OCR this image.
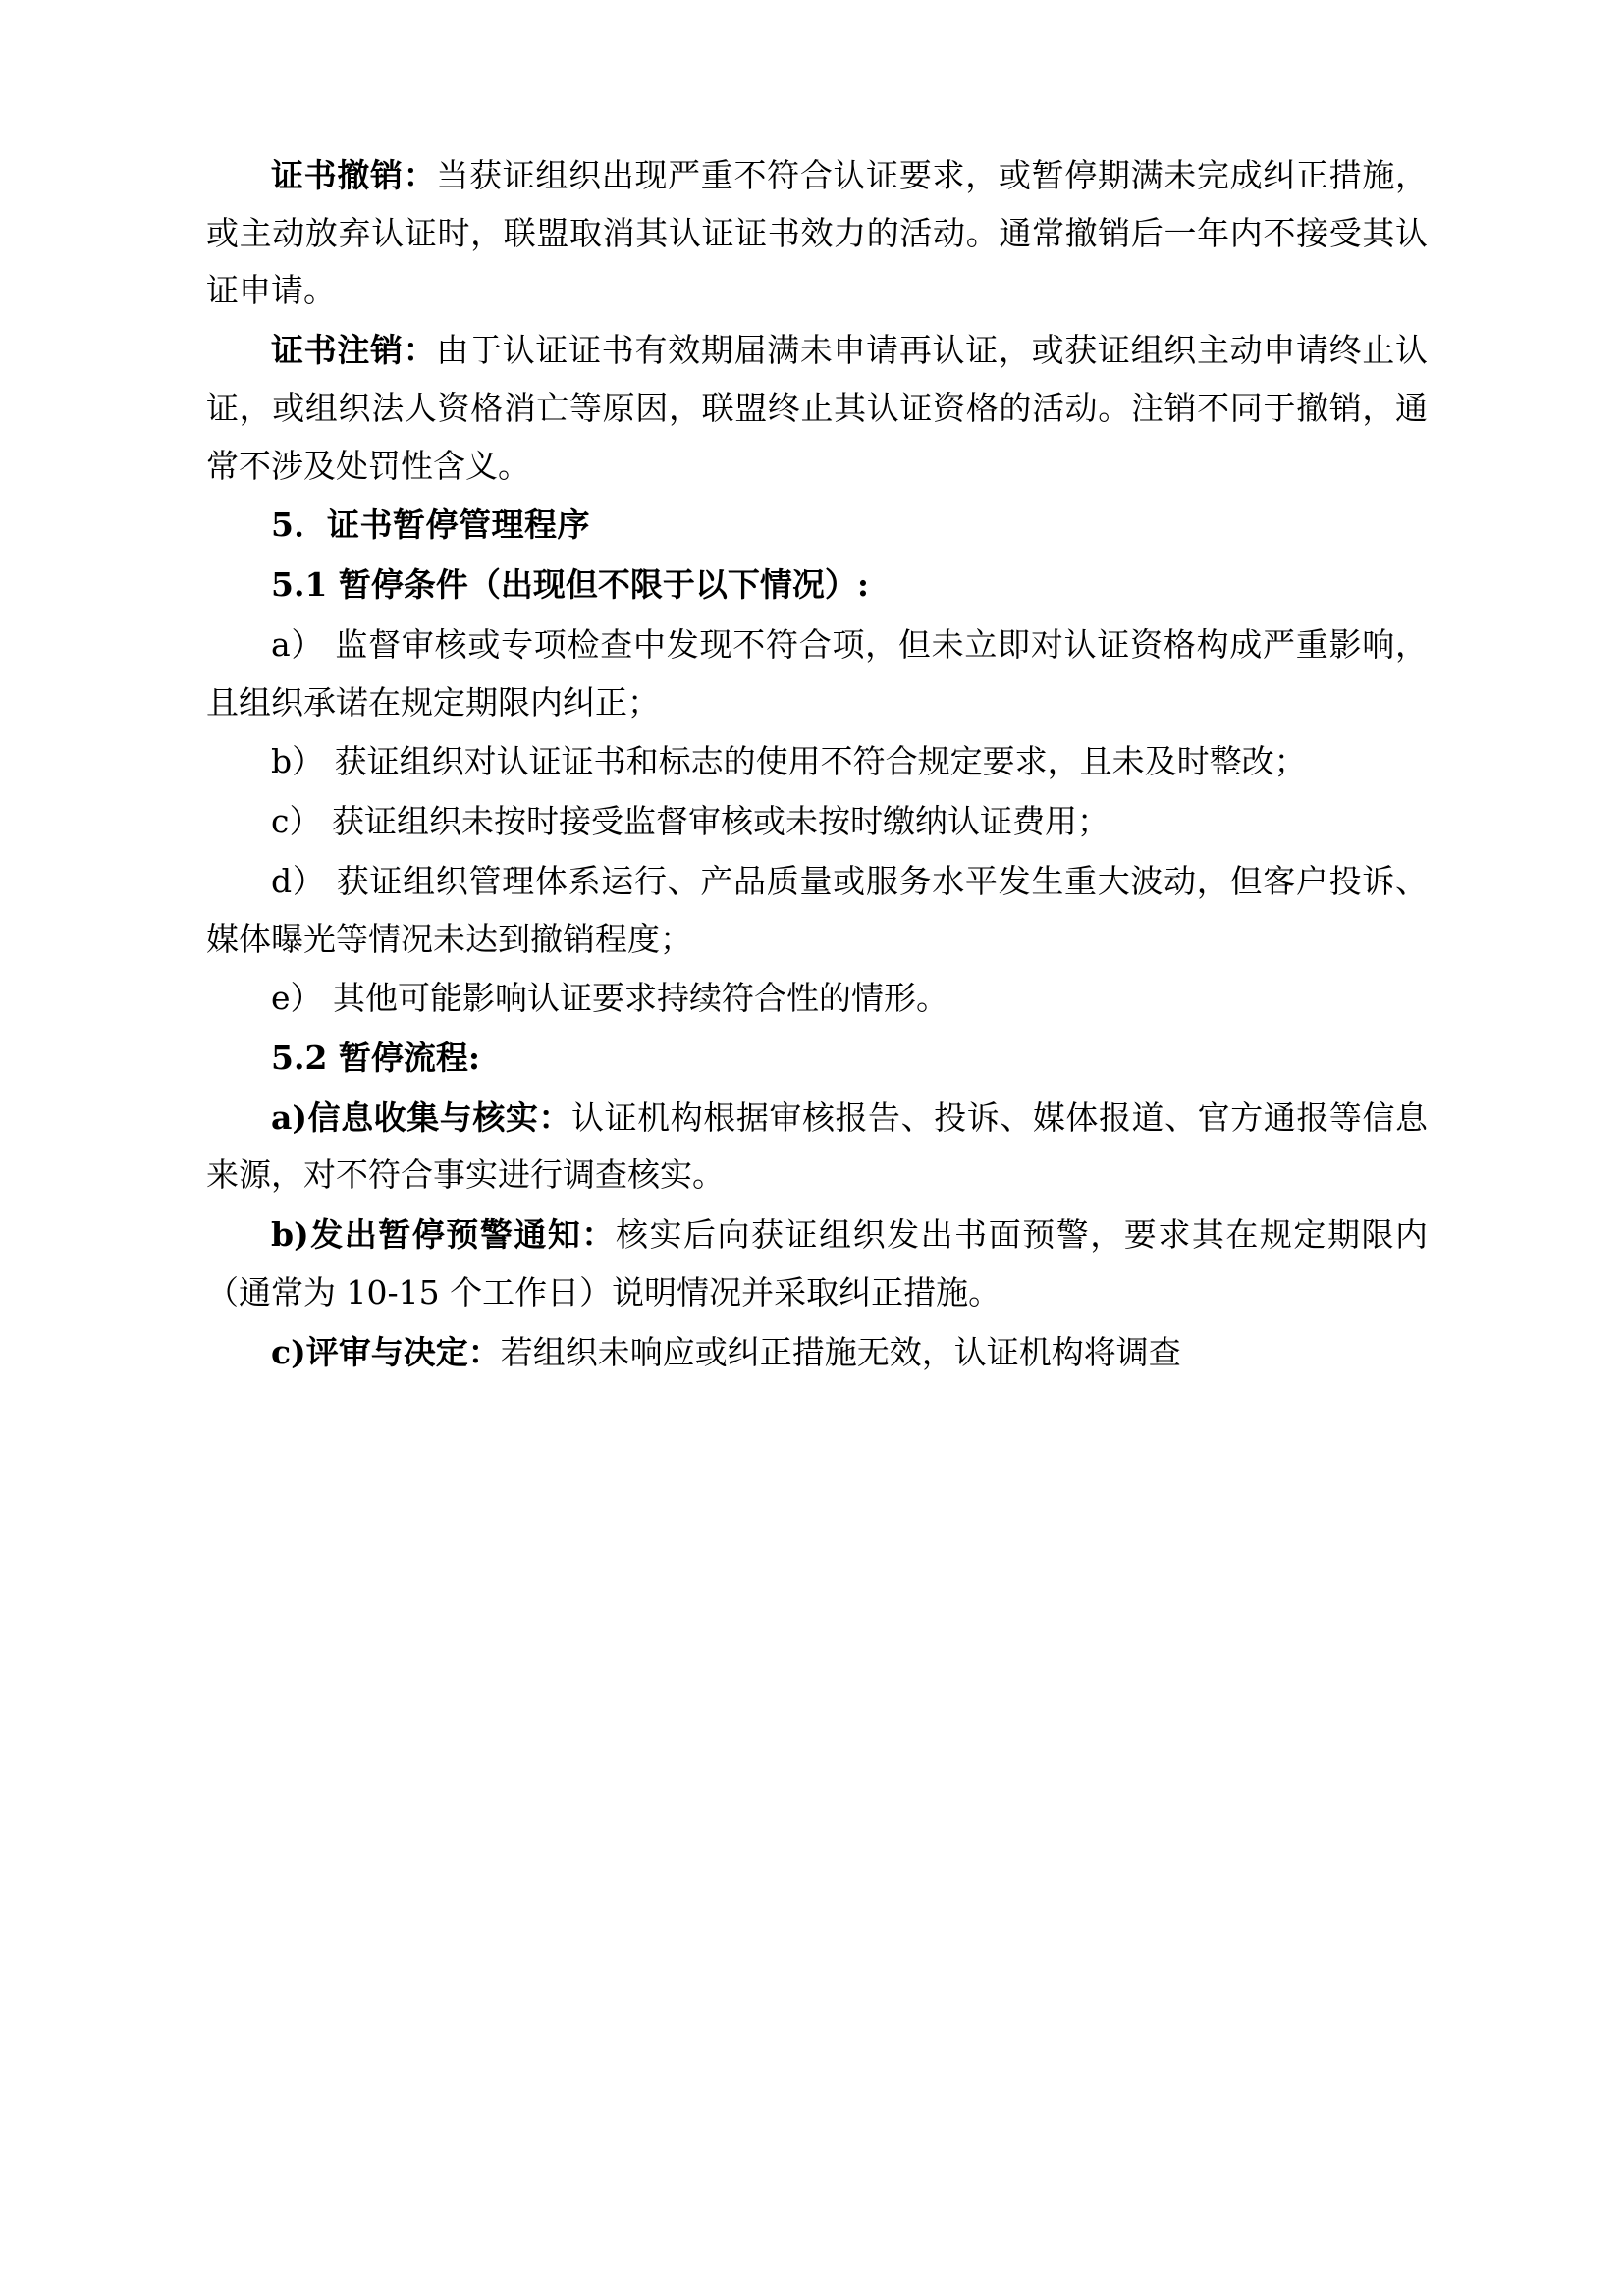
证书撤销：当获证组织出现严重不符合认证要求，或暂停期满未完成纠正措施，或主动放弃认证时，联盟取消其认证证书效力的活动。通常撤销后一年内不接受其认证申请。

证书注销：由于认证证书有效期届满未申请再认证，或获证组织主动申请终止认证，或组织法人资格消亡等原因，联盟终止其认证资格的活动。注销不同于撤销，通常不涉及处罚性含义。

5．证书暂停管理程序

5.1 暂停条件（出现但不限于以下情况）:

a） 监督审核或专项检查中发现不符合项，但未立即对认证资格构成严重影响，且组织承诺在规定期限内纠正；

b） 获证组织对认证证书和标志的使用不符合规定要求，且未及时整改；

c） 获证组织未按时接受监督审核或未按时缴纳认证费用；

d） 获证组织管理体系运行、产品质量或服务水平发生重大波动，但客户投诉、媒体曝光等情况未达到撤销程度；

e） 其他可能影响认证要求持续符合性的情形。

5.2 暂停流程:

a)信息收集与核实：认证机构根据审核报告、投诉、媒体报道、官方通报等信息来源，对不符合事实进行调查核实。

b)发出暂停预警通知：核实后向获证组织发出书面预警，要求其在规定期限内（通常为 10-15 个工作日）说明情况并采取纠正措施。

c)评审与决定：若组织未响应或纠正措施无效，认证机构将调查
